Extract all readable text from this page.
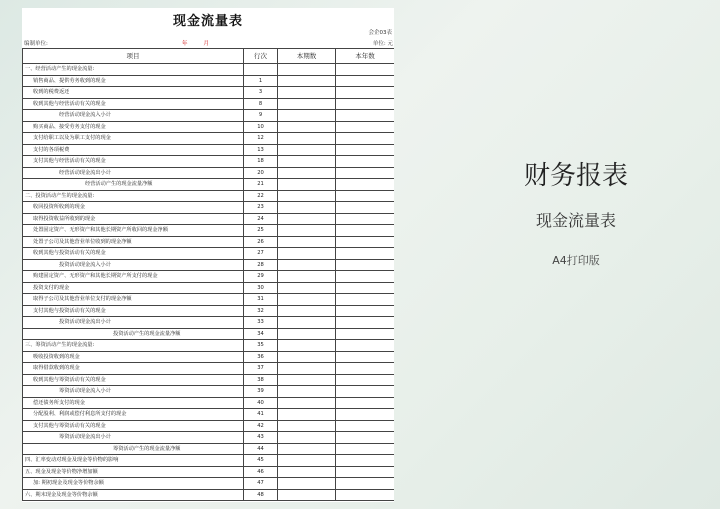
现金流量表
会企03表
编制单位:	年	月	单位: 元
项目	行次	本期数	本年数
一、经营活动产生的现金流量:			
销售商品、提供劳务收到的现金	1		
收到的税费返还	3		
收到其他与经营活动有关的现金	8		
经营活动现金流入小计	9		
购买商品、接受劳务支付的现金	10		
支付给职工以及为职工支付的现金	12		
支付的各项税费	13		
支付其他与经营活动有关的现金	18		
经营活动现金流出小计	20		
经营活动产生的现金流量净额	21		
二、投资活动产生的现金流量:	22		
收回投资所收到的现金	23		
取得投资收益所收到的现金	24		
处置固定资产、无形资产和其他长期资产所收回的现金净额	25		
处置子公司及其他营业单位收到的现金净额	26		
收到其他与投资活动有关的现金	27		
投资活动现金流入小计	28		
购建固定资产、无形资产和其他长期资产所支付的现金	29		
投资支付的现金	30		
取得子公司及其他营业单位支付的现金净额	31		
支付其他与投资活动有关的现金	32		
投资活动现金流出小计	33		
投资活动产生的现金流量净额	34		
三、筹资活动产生的现金流量:	35		
吸收投资收到的现金	36		
取得借款收到的现金	37		
收到其他与筹资活动有关的现金	38		
筹资活动现金流入小计	39		
偿还债务所支付的现金	40		
分配股利、利润或偿付利息所支付的现金	41		
支付其他与筹资活动有关的现金	42		
筹资活动现金流出小计	43		
筹资活动产生的现金流量净额	44		
四、汇率变动对现金及现金等价物的影响	45		
五、现金及现金等价物净增加额	46		
加: 期初现金及现金等价物余额	47		
六、期末现金及现金等价物余额	48		
财务报表
现金流量表
A4打印版
